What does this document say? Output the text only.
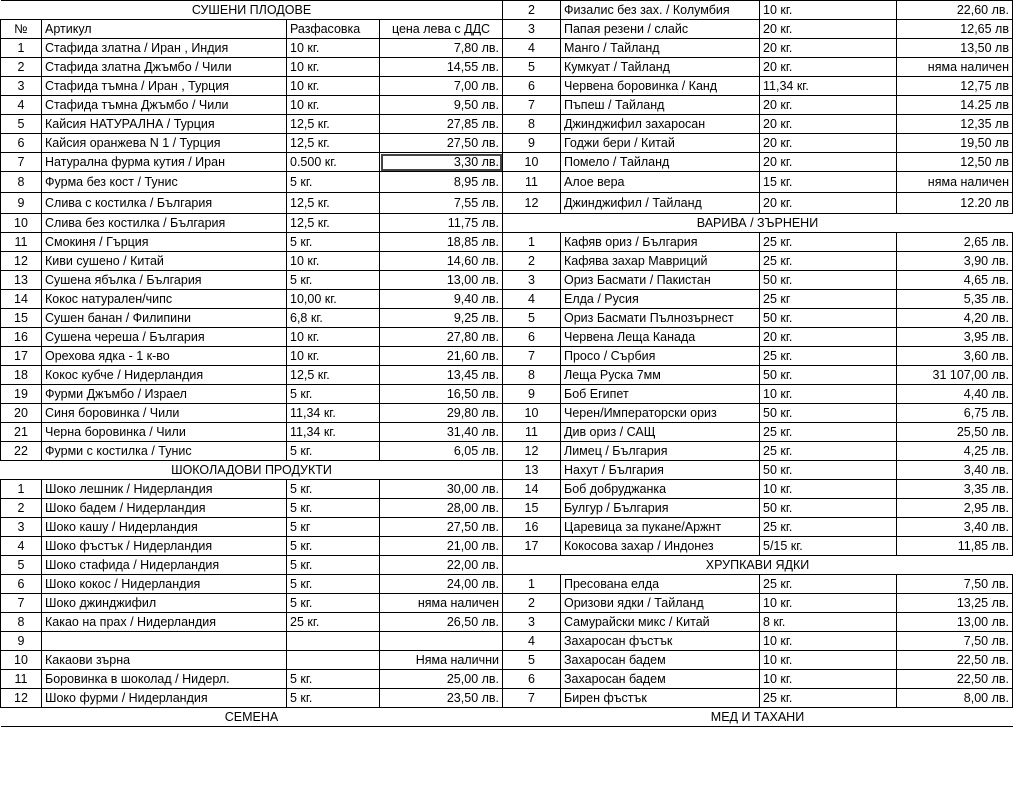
СУШЕНИ ПЛОДОВЕ			
№	Артикул	Разфасовка	цена лева с ДДС
1	Стафида златна / Иран , Индия	10 кг.	7,80 лв.
2	Стафида златна Джъмбо / Чили	10 кг.	14,55 лв.
3	Стафида тъмна / Иран , Турция	10 кг.	7,00 лв.
4	Стафида тъмна Джъмбо / Чили	10 кг.	9,50 лв.
5	Кайсия НАТУРАЛНА / Турция	12,5 кг.	27,85 лв.
6	Кайсия оранжева N 1 / Турция	12,5 кг.	27,50 лв.
7	Натурална фурма кутия / Иран	0.500 кг.	3,30 лв.
8	Фурма без кост / Тунис	5 кг.	8,95 лв.
9	Слива с костилка / България	12,5 кг.	7,55 лв.
10	Слива без костилка / България	12,5 кг.	11,75 лв.
11	Смокиня / Гърция	5 кг.	18,85 лв.
12	Киви сушено / Китай	10 кг.	14,60 лв.
13	Сушена ябълка / България	5 кг.	13,00 лв.
14	Кокос натурален/чипс	10,00 кг.	9,40 лв.
15	Сушен банан / Филипини	6,8 кг.	9,25 лв.
16	Сушена череша / България	10 кг.	27,80 лв.
17	Орехова ядка - 1 к-во	10 кг.	21,60 лв.
18	Кокос кубче / Нидерландия	12,5 кг.	13,45 лв.
19	Фурми Джъмбо / Израел	5 кг.	16,50 лв.
20	Синя боровинка / Чили	11,34 кг.	29,80 лв.
21	Черна боровинка / Чили	11,34 кг.	31,40 лв.
22	Фурми с костилка / Тунис	5 кг.	6,05 лв.
ШОКОЛАДОВИ ПРОДУКТИ			
1	Шоко лешник / Нидерландия	5 кг.	30,00 лв.
2	Шоко бадем / Нидерландия	5 кг.	28,00 лв.
3	Шоко кашу / Нидерландия	5 кг	27,50 лв.
4	Шоко фъстък / Нидерландия	5 кг.	21,00 лв.
5	Шоко стафида / Нидерландия	5 кг.	22,00 лв.
6	Шоко кокос / Нидерландия	5 кг.	24,00 лв.
7	Шоко джинджифил	5 кг.	няма наличен
8	Какао на прах / Нидерландия	25 кг.	26,50 лв.
9			
10	Какаови зърна		Няма налични
11	Боровинка в шоколад / Нидерл.	5 кг.	25,00 лв.
12	Шоко фурми / Нидерландия	5 кг.	23,50 лв.
СЕМЕНА			
2	Физалис без зах. / Колумбия	10 кг.	22,60 лв.
3	Папая резени / слайс	20 кг.	12,65 лв
4	Манго / Тайланд	20 кг.	13,50 лв
5	Кумкуат / Тайланд	20 кг.	няма наличен
6	Червена боровинка / Канд	11,34 кг.	12,75 лв
7	Пъпеш / Тайланд	20 кг.	14.25 лв
8	Джинджифил захаросан	20 кг.	12,35 лв
9	Годжи бери / Китай	20 кг.	19,50 лв
10	Помело / Тайланд	20 кг.	12,50 лв
11	Алое вера	15 кг.	няма наличен
12	Джинджифил / Тайланд	20 кг.	12.20 лв
ВАРИВА / ЗЪРНЕНИ			
1	Кафяв ориз / България	25 кг.	2,65 лв.
2	Кафява захар Мавриций	25 кг.	3,90 лв.
3	Ориз Басмати / Пакистан	50 кг.	4,65 лв.
4	Елда / Русия	25 кг	5,35 лв.
5	Ориз Басмати Пълнозърнест	50 кг.	4,20 лв.
6	Червена Леща Канада	20 кг.	3,95 лв.
7	Просо / Сърбия	25 кг.	3,60 лв.
8	Леща Руска 7мм	50 кг.	31 107,00 лв.
9	Боб Египет	10 кг.	4,40 лв.
10	Черен/Императорски ориз	50 кг.	6,75 лв.
11	Див ориз / САЩ	25 кг.	25,50 лв.
12	Лимец / България	25 кг.	4,25 лв.
13	Нахут / България	50 кг.	3,40 лв.
14	Боб добруджанка	10 кг.	3,35 лв.
15	Булгур / България	50 кг.	2,95 лв.
16	Царевица за пукане/Аржнт	25 кг.	3,40 лв.
17	Кокосова захар / Индонез	5/15 кг.	11,85 лв.
ХРУПКАВИ ЯДКИ			
1	Пресована елда	25 кг.	7,50 лв.
2	Оризови ядки / Тайланд	10 кг.	13,25 лв.
3	Самурайски микс / Китай	8 кг.	13,00 лв.
4	Захаросан фъстък	10 кг.	7,50 лв.
5	Захаросан бадем	10 кг.	22,50 лв.
6	Захаросан бадем	10 кг.	22,50 лв.
7	Бирен фъстък	25 кг.	8,00 лв.
МЕД И ТАХАНИ			
